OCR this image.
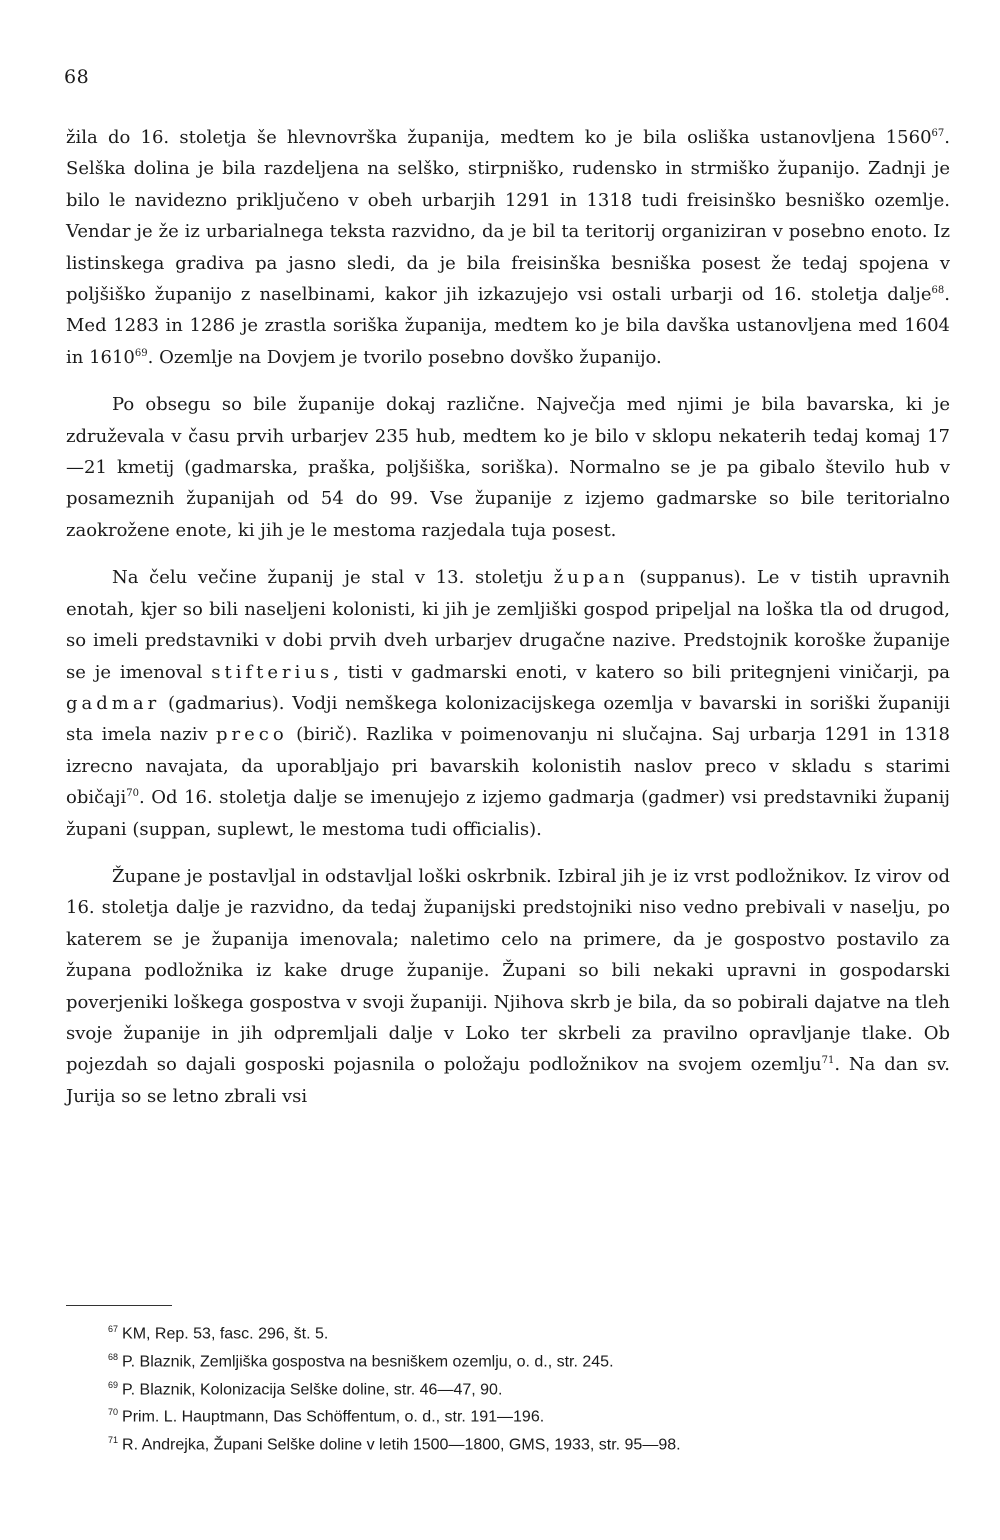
68

žila do 16. stoletja še hlevnovrška županija, medtem ko je bila osliška ustanovljena 1560$^{67}$. Selška dolina je bila razdeljena na selško, stirpniško, rudensko in strmiško županijo. Zadnji je bilo le navidezno priključeno v obeh urbarjih 1291 in 1318 tudi freisinško besniško ozemlje. Vendar je že iz urbarialnega teksta razvidno, da je bil ta teritorij organiziran v posebno enoto. Iz listinskega gradiva pa jasno sledi, da je bila freisinška besniška posest že tedaj spojena v poljšiško županijo z naselbinami, kakor jih izkazujejo vsi ostali urbarji od 16. stoletja dalje$^{68}$. Med 1283 in 1286 je zrastla soriška županija, medtem ko je bila davška ustanovljena med 1604 in 1610$^{69}$. Ozemlje na Dovjem je tvorilo posebno dovško županijo.

Po obsegu so bile županije dokaj različne. Največja med njimi je bila bavarska, ki je združevala v času prvih urbarjev 235 hub, medtem ko je bilo v sklopu nekaterih tedaj komaj 17—21 kmetij (gadmarska, praška, poljšiška, soriška). Normalno se je pa gibalo število hub v posameznih županijah od 54 do 99. Vse županije z izjemo gadmarske so bile teritorialno zaokrožene enote, ki jih je le mestoma razjedala tuja posest.

Na čelu večine županij je stal v 13. stoletju župan (suppanus). Le v tistih upravnih enotah, kjer so bili naseljeni kolonisti, ki jih je zemljiški gospod pripeljal na loška tla od drugod, so imeli predstavniki v dobi prvih dveh urbarjev drugačne nazive. Predstojnik koroške županije se je imenoval stifterius, tisti v gadmarski enoti, v katero so bili pritegnjeni viničarji, pa gadmar (gadmarius). Vodji nemškega kolonizacijskega ozemlja v bavarski in soriški županiji sta imela naziv preco (birič). Razlika v poimenovanju ni slučajna. Saj urbarja 1291 in 1318 izrecno navajata, da uporabljajo pri bavarskih kolonistih naslov preco v skladu s starimi običaji$^{70}$. Od 16. stoletja dalje se imenujejo z izjemo gadmarja (gadmer) vsi predstavniki županij župani (suppan, suplewt, le mestoma tudi officialis).

Župane je postavljal in odstavljal loški oskrbnik. Izbiral jih je iz vrst podložnikov. Iz virov od 16. stoletja dalje je razvidno, da tedaj županijski predstojniki niso vedno prebivali v naselju, po katerem se je županija imenovala; naletimo celo na primere, da je gospostvo postavilo za župana podložnika iz kake druge županije. Župani so bili nekaki upravni in gospodarski poverjeniki loškega gospostva v svoji županiji. Njihova skrb je bila, da so pobirali dajatve na tleh svoje županije in jih odpremljali dalje v Loko ter skrbeli za pravilno opravljanje tlake. Ob pojezdah so dajali gosposki pojasnila o položaju podložnikov na svojem ozemlju$^{71}$. Na dan sv. Jurija so se letno zbrali vsi

$^{67}$ KM, Rep. 53, fasc. 296, št. 5.

$^{68}$ P. Blaznik, Zemljiška gospostva na besniškem ozemlju, o. d., str. 245.

$^{69}$ P. Blaznik, Kolonizacija Selške doline, str. 46—47, 90.

$^{70}$ Prim. L. Hauptmann, Das Schöffentum, o. d., str. 191—196.

$^{71}$ R. Andrejka, Župani Selške doline v letih 1500—1800, GMS, 1933, str. 95—98.
